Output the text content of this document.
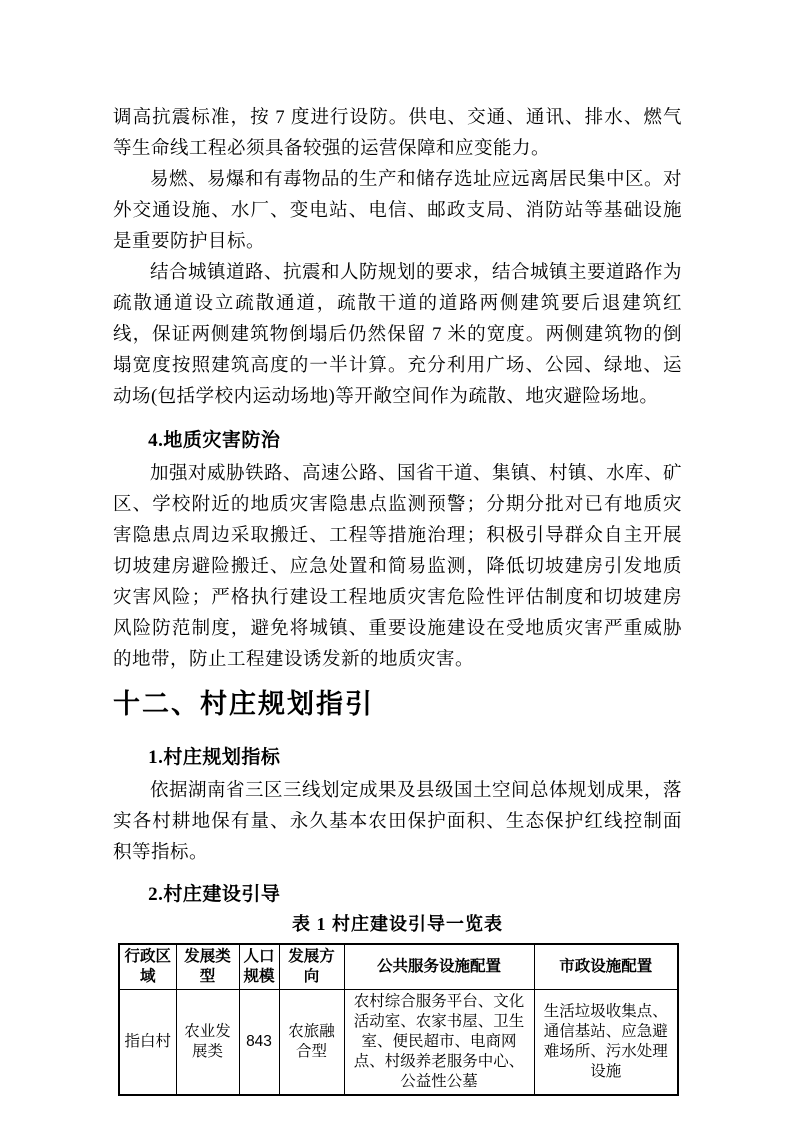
调高抗震标准，按 7 度进行设防。供电、交通、通讯、排水、燃气等生命线工程必须具备较强的运营保障和应变能力。

易燃、易爆和有毒物品的生产和储存选址应远离居民集中区。对外交通设施、水厂、变电站、电信、邮政支局、消防站等基础设施是重要防护目标。

结合城镇道路、抗震和人防规划的要求，结合城镇主要道路作为疏散通道设立疏散通道，疏散干道的道路两侧建筑要后退建筑红线，保证两侧建筑物倒塌后仍然保留 7 米的宽度。两侧建筑物的倒塌宽度按照建筑高度的一半计算。充分利用广场、公园、绿地、运动场(包括学校内运动场地)等开敞空间作为疏散、地灾避险场地。

4.地质灾害防治

加强对威胁铁路、高速公路、国省干道、集镇、村镇、水库、矿区、学校附近的地质灾害隐患点监测预警；分期分批对已有地质灾害隐患点周边采取搬迁、工程等措施治理；积极引导群众自主开展切坡建房避险搬迁、应急处置和简易监测，降低切坡建房引发地质灾害风险；严格执行建设工程地质灾害危险性评估制度和切坡建房风险防范制度，避免将城镇、重要设施建设在受地质灾害严重威胁的地带，防止工程建设诱发新的地质灾害。

十二、村庄规划指引
1.村庄规划指标

依据湖南省三区三线划定成果及县级国土空间总体规划成果，落实各村耕地保有量、永久基本农田保护面积、生态保护红线控制面积等指标。

2.村庄建设引导

表 1 村庄建设引导一览表

行政区域	发展类型	人口规模	发展方向	公共服务设施配置	市政设施配置
指白村	农业发展类	843	农旅融合型	农村综合服务平台、文化活动室、农家书屋、卫生室、便民超市、电商网点、村级养老服务中心、公益性公墓	生活垃圾收集点、通信基站、应急避难场所、污水处理设施
